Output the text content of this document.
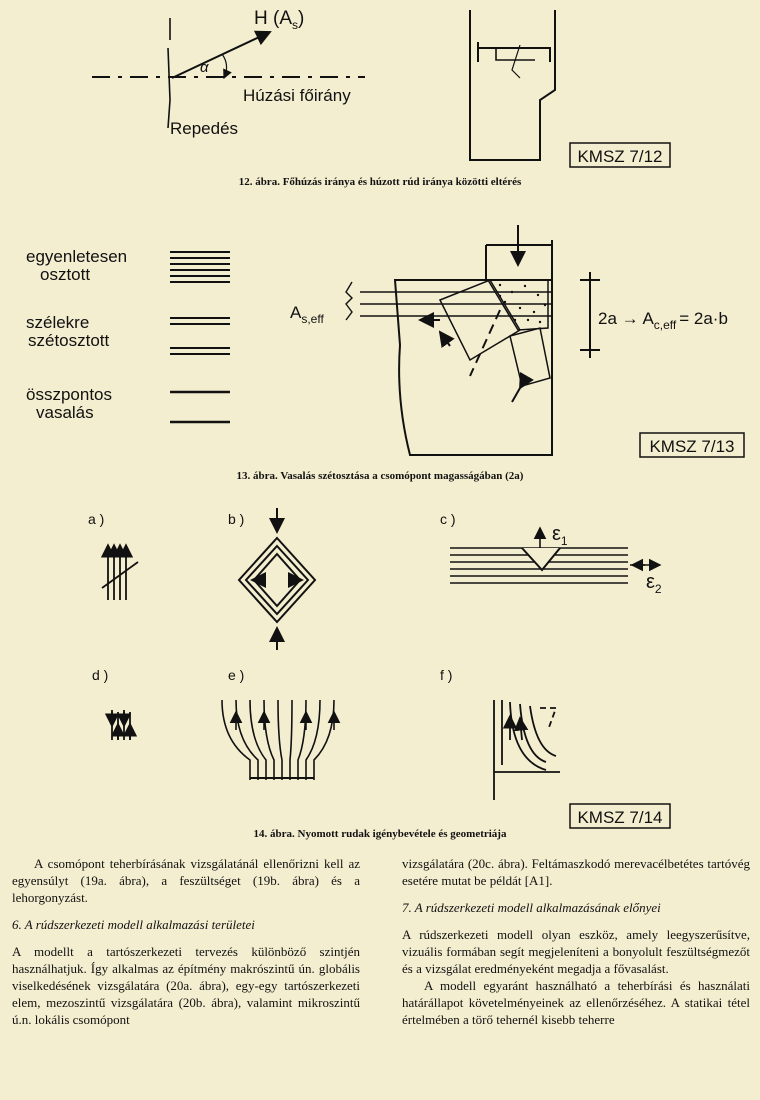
H $(A_s)$
α
Húzási főirány
Repedés
KMSZ 7/12
egyenletesen
osztott
szélekre
szétosztott
összpontos
vasalás
$A_{s,eff}$	$2a \to A_{c,eff} = 2a\cdot b$
KMSZ 7/13
a )	b )	c )
d )	e )	f )
$\varepsilon_1$
$\varepsilon_2$
KMSZ 7/14
12. ábra. Főhúzás iránya és húzott rúd iránya közötti eltérés
13. ábra. Vasalás szétosztása a csomópont magasságában (2a)
14. ábra. Nyomott rudak igénybevétele és geometriája

A csomópont teherbírásának vizsgálatánál ellenőrizni kell az egyensúlyt (19a. ábra), a feszültséget (19b. ábra) és a lehorgonyzást.

6. A rúdszerkezeti modell alkalmazási területei

A modellt a tartószerkezeti tervezés különböző szintjén használhatjuk. Így alkalmas az építmény makrószintű ún. globális viselkedésének vizsgálatára (20a. ábra), egy-egy tartószerkezeti elem, mezoszintű vizsgálatára (20b. ábra), valamint mikroszintű ú.n. lokális csomópont

vizsgálatára (20c. ábra). Feltámaszkodó merevacélbetétes tartóvég esetére mutat be példát [A1].

7. A rúdszerkezeti modell alkalmazásának előnyei

A rúdszerkezeti modell olyan eszköz, amely leegyszerűsítve, vizuális formában segít megjeleníteni a bonyolult feszültségmezőt és a vizsgálat eredményeként megadja a fővasalást.

A modell egyaránt használható a teherbírási és használati határállapot követelményeinek az ellenőrzéséhez. A statikai tétel értelmében a törő tehernél kisebb teherre
